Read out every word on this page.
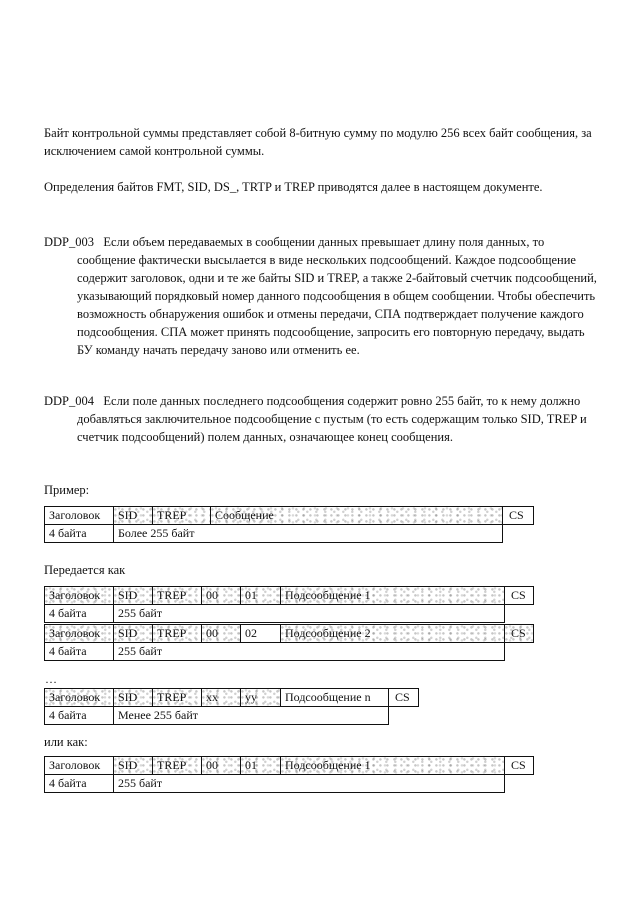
Байт контрольной суммы представляет собой 8-битную сумму по модулю 256 всех байт сообщения, за исключением самой контрольной суммы.
Определения байтов FMT, SID, DS_, TRTP и TREP приводятся далее в настоящем документе.
DDP_003 Если объем передаваемых в сообщении данных превышает длину поля данных, то сообщение фактически высылается в виде нескольких подсообщений. Каждое подсообщение содержит заголовок, одни и те же байты SID и TREP, а также 2-байтовый счетчик подсообщений, указывающий порядковый номер данного подсообщения в общем сообщении. Чтобы обеспечить возможность обнаружения ошибок и отмены передачи, СПА подтверждает получение каждого подсообщения. СПА может принять подсообщение, запросить его повторную передачу, выдать БУ команду начать передачу заново или отменить ее.
DDP_004 Если поле данных последнего подсообщения содержит ровно 255 байт, то к нему должно добавляться заключительное подсообщение с пустым (то есть содержащим только SID, TREP и счетчик подсообщений) полем данных, означающее конец сообщения.
Пример:
Заголовок	SID	TREP	Сообщение	CS
4 байта	Более 255 байт
Передается как
Заголовок	SID	TREP	00	01	Подсообщение 1	CS
4 байта	255 байт
Заголовок	SID	TREP	00	02	Подсообщение 2	CS
4 байта	255 байт
…
Заголовок	SID	TREP	xx	yy	Подсообщение n	CS
4 байта	Менее 255 байт
или как:
Заголовок	SID	TREP	00	01	Подсообщение 1	CS
4 байта	255 байт
